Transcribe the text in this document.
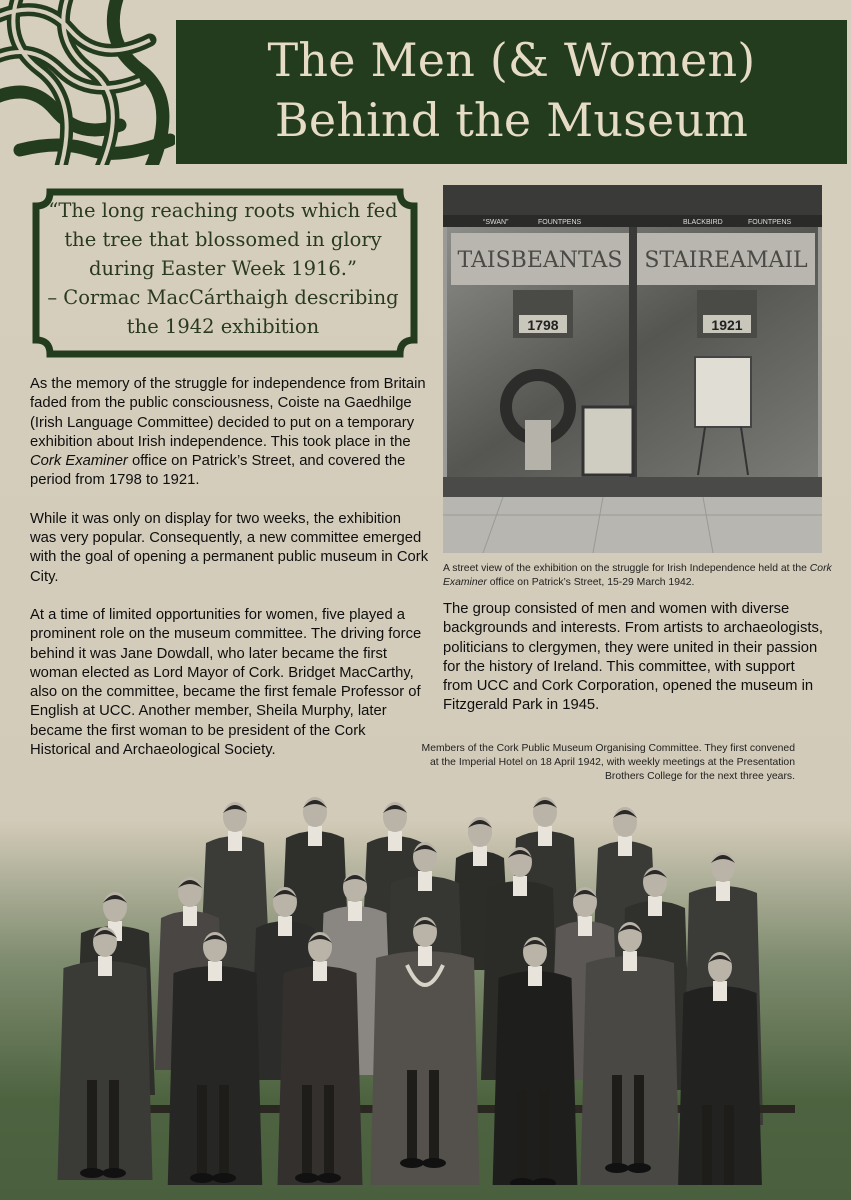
The Men (& Women)
Behind the Museum
“The long reaching roots which fed
the tree that blossomed in glory
during Easter Week 1916.”
– Cormac MacCárthaigh describing
the 1942 exhibition

As the memory of the struggle for independence from Britain faded from the public consciousness, Coiste na Gaedhilge (Irish Language Committee) decided to put on a temporary exhibition about Irish independence. This took place in the Cork Examiner office on Patrick’s Street, and covered the period from 1798 to 1921.

While it was only on display for two weeks, the exhibition was very popular. Consequently, a new committee emerged with the goal of opening a permanent public museum in Cork City.

At a time of limited opportunities for women, five played a prominent role on the museum committee. The driving force behind it was Jane Dowdall, who later became the first woman elected as Lord Mayor of Cork. Bridget MacCarthy, also on the committee, became the first female Professor of English at UCC. Another member, Sheila Murphy, later became the first woman to be president of the Cork Historical and Archaeological Society.

“SWAN”	FOUNTPENS	BLACKBIRD	FOUNTPENS
TAISBEANTAS STAIREAMAIL
1798	1921
A street view of the exhibition on the struggle for Irish Independence held at the Cork Examiner office on Patrick’s Street, 15-29 March 1942.

The group consisted of men and women with diverse backgrounds and interests. From artists to archaeologists, politicians to clergymen, they were united in their passion for the history of Ireland. This committee, with support from UCC and Cork Corporation, opened the museum in Fitzgerald Park in 1945.

Members of the Cork Public Museum Organising Committee. They first convened at the Imperial Hotel on 18 April 1942, with weekly meetings at the Presentation Brothers College for the next three years.
